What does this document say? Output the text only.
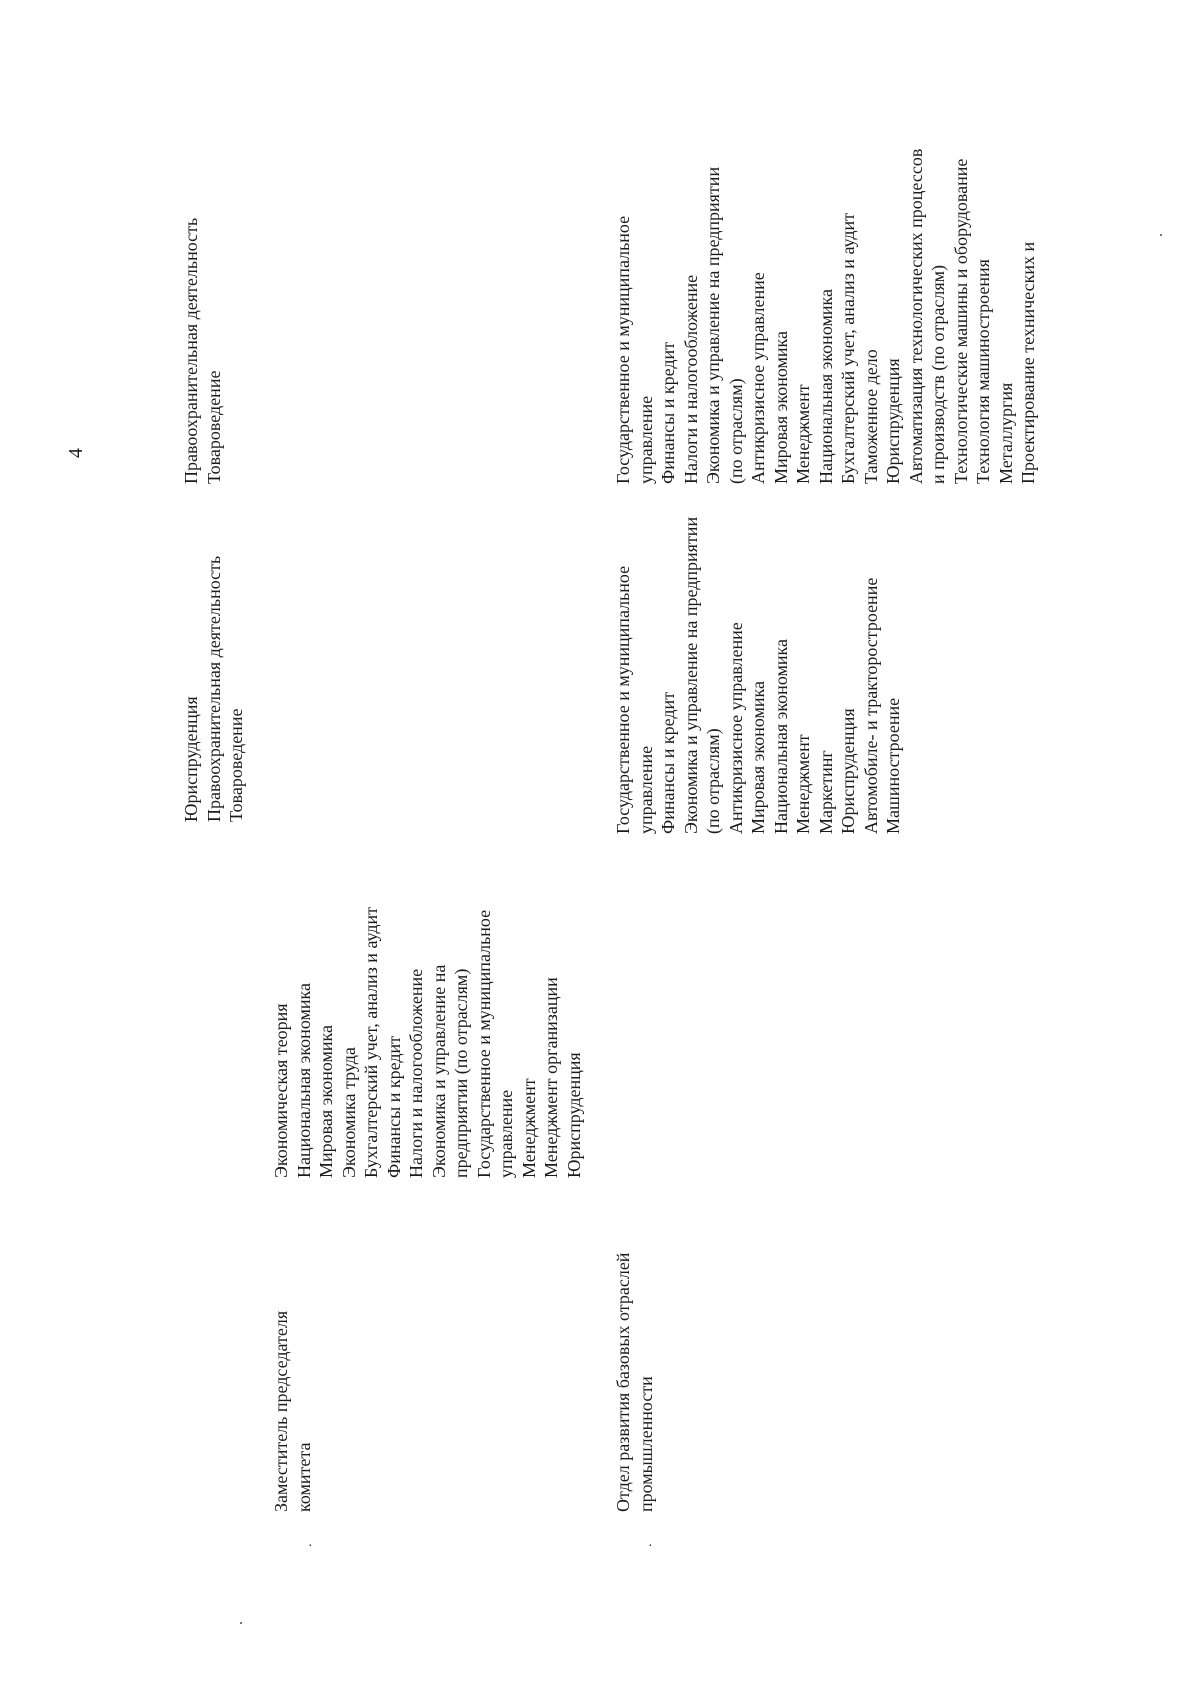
4
·
Заместитель председателя комитета
Экономическая теория Национальная экономика Мировая экономика Экономика труда Бухгалтерский учет, анализ и аудит Финансы и кредит Налоги и налогообложение Экономика и управление на предприятии (по отраслям) Государственное и муниципальное управление Менеджмент Менеджмент организации Юриспруденция
Юриспруденция Правоохранительная деятельность Товароведение
Правоохранительная деятельность Товароведение
·
Отдел развития базовых отраслей промышленности
Государственное и муниципальное управление Финансы и кредит Экономика и управление на предприятии (по отраслям) Антикризисное управление Мировая экономика Национальная экономика Менеджмент Маркетинг Юриспруденция Автомобиле- и тракторостроение Машиностроение
Государственное и муниципальное управление Финансы и кредит Налоги и налогообложение Экономика и управление на предприятии (по отраслям) Антикризисное управление Мировая экономика Менеджмент Национальная экономика Бухгалтерский учет, анализ и аудит Таможенное дело Юриспруденция Автоматизация технологических процессов и производств (по отраслям) Технологические машины и оборудование Технология машиностроения Металлургия Проектирование технических и
